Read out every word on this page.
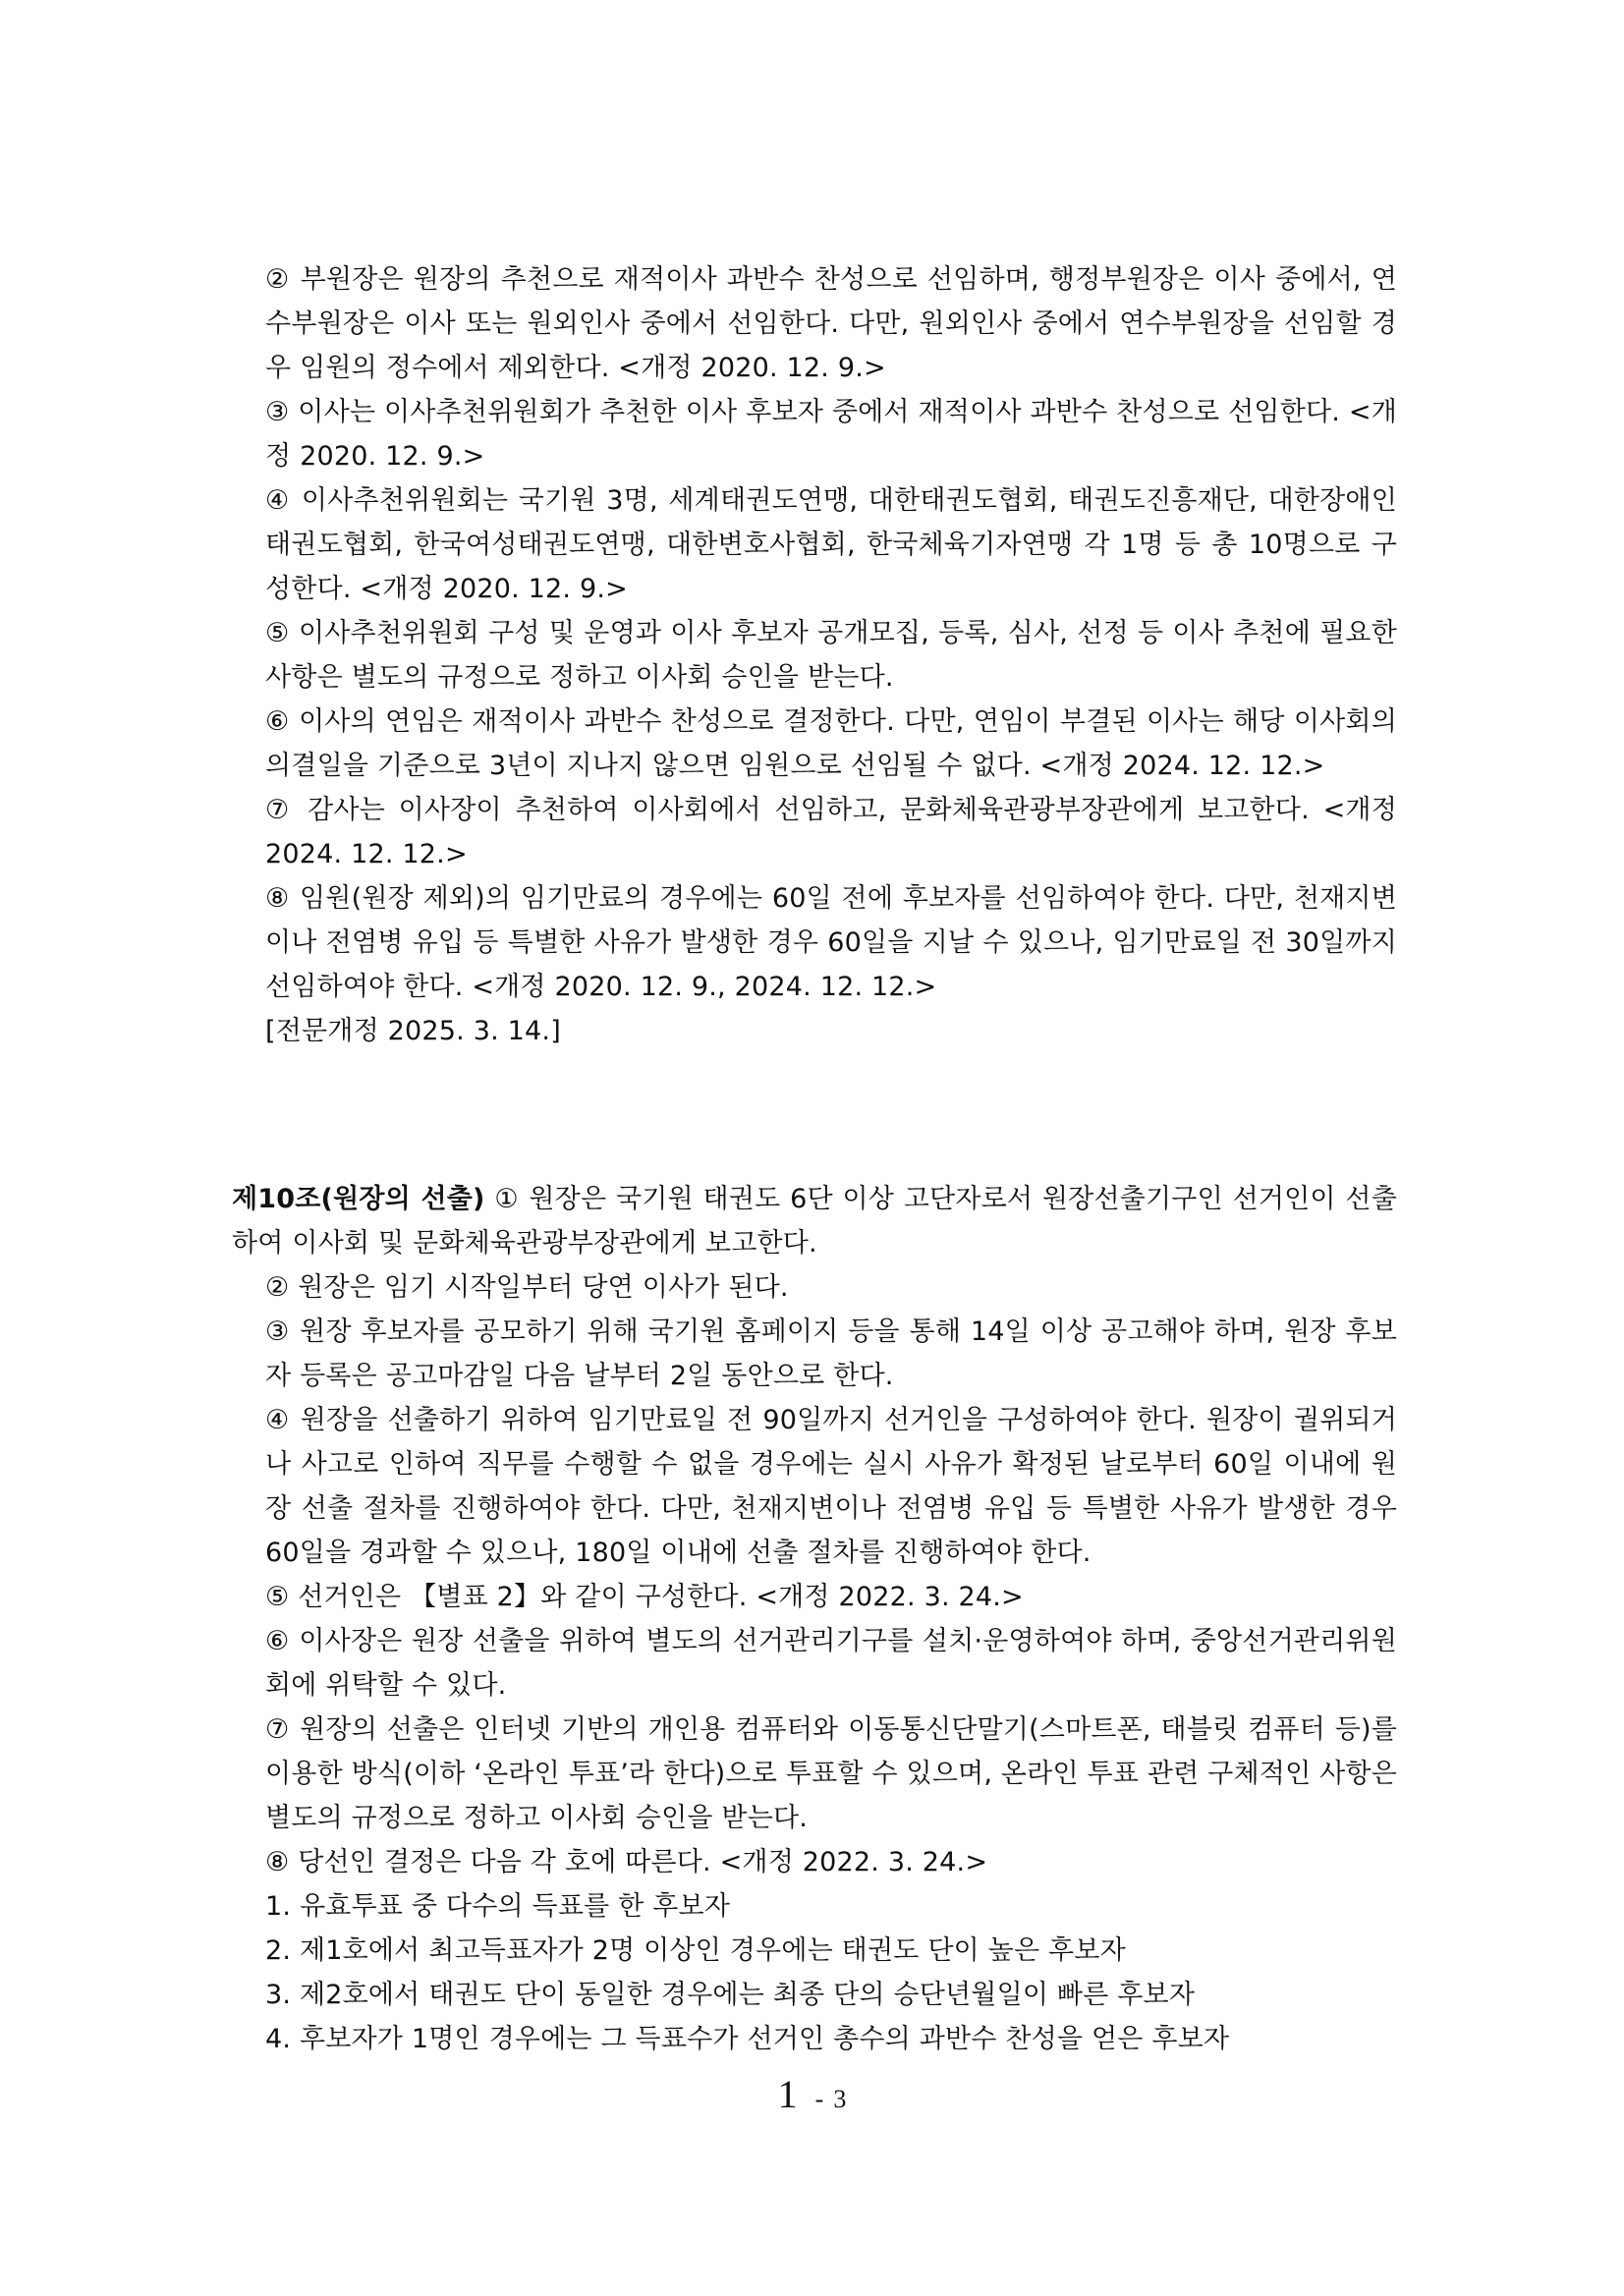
② 부원장은 원장의 추천으로 재적이사 과반수 찬성으로 선임하며, 행정부원장은 이사 중에서, 연수부원장은 이사 또는 원외인사 중에서 선임한다. 다만, 원외인사 중에서 연수부원장을 선임할 경우 임원의 정수에서 제외한다. <개정 2020. 12. 9.>

③ 이사는 이사추천위원회가 추천한 이사 후보자 중에서 재적이사 과반수 찬성으로 선임한다. <개정 2020. 12. 9.>

④ 이사추천위원회는 국기원 3명, 세계태권도연맹, 대한태권도협회, 태권도진흥재단, 대한장애인태권도협회, 한국여성태권도연맹, 대한변호사협회, 한국체육기자연맹 각 1명 등 총 10명으로 구성한다. <개정 2020. 12. 9.>

⑤ 이사추천위원회 구성 및 운영과 이사 후보자 공개모집, 등록, 심사, 선정 등 이사 추천에 필요한 사항은 별도의 규정으로 정하고 이사회 승인을 받는다.

⑥ 이사의 연임은 재적이사 과반수 찬성으로 결정한다. 다만, 연임이 부결된 이사는 해당 이사회의 의결일을 기준으로 3년이 지나지 않으면 임원으로 선임될 수 없다. <개정 2024. 12. 12.>

⑦ 감사는 이사장이 추천하여 이사회에서 선임하고, 문화체육관광부장관에게 보고한다. <개정 2024. 12. 12.>

⑧ 임원(원장 제외)의 임기만료의 경우에는 60일 전에 후보자를 선임하여야 한다. 다만, 천재지변이나 전염병 유입 등 특별한 사유가 발생한 경우 60일을 지날 수 있으나, 임기만료일 전 30일까지 선임하여야 한다. <개정 2020. 12. 9., 2024. 12. 12.>

[전문개정 2025. 3. 14.]

제10조(원장의 선출) ① 원장은 국기원 태권도 6단 이상 고단자로서 원장선출기구인 선거인이 선출하여 이사회 및 문화체육관광부장관에게 보고한다.

② 원장은 임기 시작일부터 당연 이사가 된다.

③ 원장 후보자를 공모하기 위해 국기원 홈페이지 등을 통해 14일 이상 공고해야 하며, 원장 후보자 등록은 공고마감일 다음 날부터 2일 동안으로 한다.

④ 원장을 선출하기 위하여 임기만료일 전 90일까지 선거인을 구성하여야 한다. 원장이 궐위되거나 사고로 인하여 직무를 수행할 수 없을 경우에는 실시 사유가 확정된 날로부터 60일 이내에 원장 선출 절차를 진행하여야 한다. 다만, 천재지변이나 전염병 유입 등 특별한 사유가 발생한 경우 60일을 경과할 수 있으나, 180일 이내에 선출 절차를 진행하여야 한다.

⑤ 선거인은 【별표 2】와 같이 구성한다. <개정 2022. 3. 24.>

⑥ 이사장은 원장 선출을 위하여 별도의 선거관리기구를 설치·운영하여야 하며, 중앙선거관리위원회에 위탁할 수 있다.

⑦ 원장의 선출은 인터넷 기반의 개인용 컴퓨터와 이동통신단말기(스마트폰, 태블릿 컴퓨터 등)를 이용한 방식(이하 ‘온라인 투표’라 한다)으로 투표할 수 있으며, 온라인 투표 관련 구체적인 사항은 별도의 규정으로 정하고 이사회 승인을 받는다.

⑧ 당선인 결정은 다음 각 호에 따른다. <개정 2022. 3. 24.>

1. 유효투표 중 다수의 득표를 한 후보자

2. 제1호에서 최고득표자가 2명 이상인 경우에는 태권도 단이 높은 후보자

3. 제2호에서 태권도 단이 동일한 경우에는 최종 단의 승단년월일이 빠른 후보자

4. 후보자가 1명인 경우에는 그 득표수가 선거인 총수의 과반수 찬성을 얻은 후보자

1 - 3
